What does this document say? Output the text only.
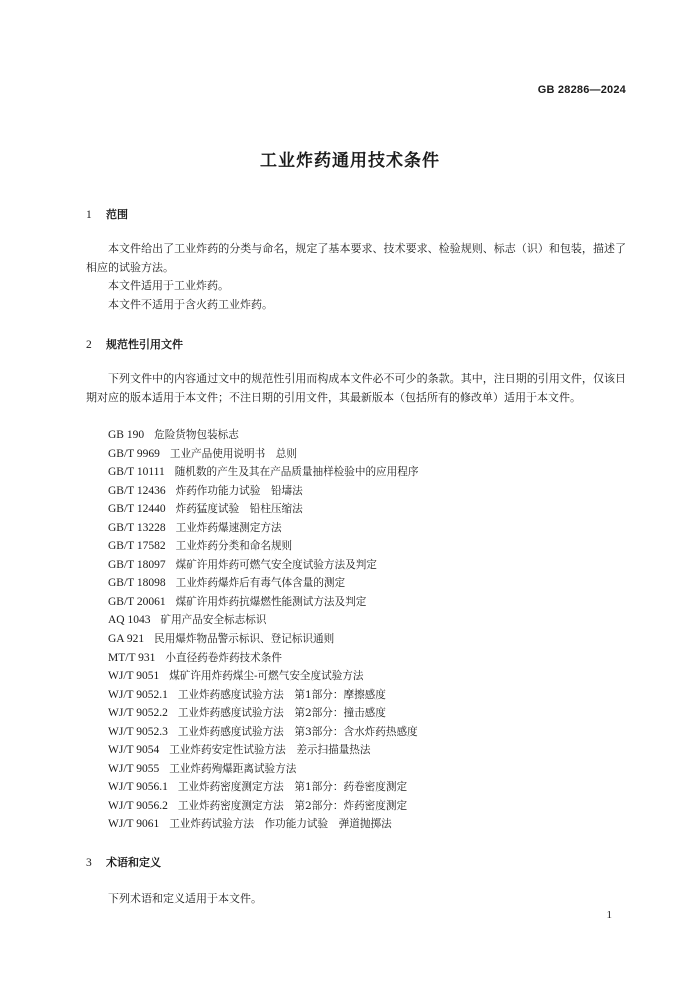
GB 28286—2024
工业炸药通用技术条件
1 范围

本文件给出了工业炸药的分类与命名，规定了基本要求、技术要求、检验规则、标志（识）和包装，描述了相应的试验方法。

本文件适用于工业炸药。

本文件不适用于含火药工业炸药。

2 规范性引用文件

下列文件中的内容通过文中的规范性引用而构成本文件必不可少的条款。其中，注日期的引用文件，仅该日期对应的版本适用于本文件；不注日期的引用文件，其最新版本（包括所有的修改单）适用于本文件。

GB 190 危险货物包装标志
GB/T 9969 工业产品使用说明书　总则
GB/T 10111 随机数的产生及其在产品质量抽样检验中的应用程序
GB/T 12436 炸药作功能力试验　铅壔法
GB/T 12440 炸药猛度试验　铅柱压缩法
GB/T 13228 工业炸药爆速测定方法
GB/T 17582 工业炸药分类和命名规则
GB/T 18097 煤矿许用炸药可燃气安全度试验方法及判定
GB/T 18098 工业炸药爆炸后有毒气体含量的测定
GB/T 20061 煤矿许用炸药抗爆燃性能测试方法及判定
AQ 1043 矿用产品安全标志标识
GA 921 民用爆炸物品警示标识、登记标识通则
MT/T 931 小直径药卷炸药技术条件
WJ/T 9051 煤矿许用炸药煤尘-可燃气安全度试验方法
WJ/T 9052.1 工业炸药感度试验方法　第1部分：摩擦感度
WJ/T 9052.2 工业炸药感度试验方法　第2部分：撞击感度
WJ/T 9052.3 工业炸药感度试验方法　第3部分：含水炸药热感度
WJ/T 9054 工业炸药安定性试验方法　差示扫描量热法
WJ/T 9055 工业炸药殉爆距离试验方法
WJ/T 9056.1 工业炸药密度测定方法　第1部分：药卷密度测定
WJ/T 9056.2 工业炸药密度测定方法　第2部分：炸药密度测定
WJ/T 9061 工业炸药试验方法　作功能力试验　弹道抛掷法
3 术语和定义

下列术语和定义适用于本文件。

1
